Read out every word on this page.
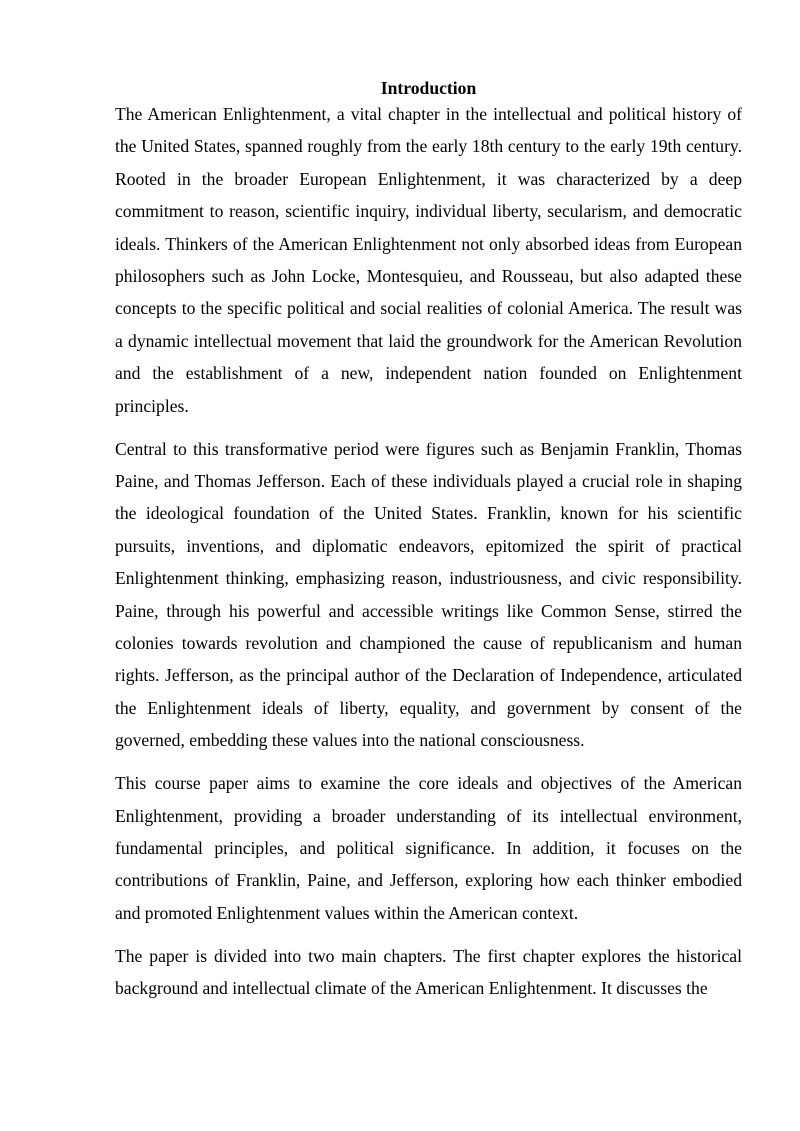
Introduction

The American Enlightenment, a vital chapter in the intellectual and political history of the United States, spanned roughly from the early 18th century to the early 19th century. Rooted in the broader European Enlightenment, it was characterized by a deep commitment to reason, scientific inquiry, individual liberty, secularism, and democratic ideals. Thinkers of the American Enlightenment not only absorbed ideas from European philosophers such as John Locke, Montesquieu, and Rousseau, but also adapted these concepts to the specific political and social realities of colonial America. The result was a dynamic intellectual movement that laid the groundwork for the American Revolution and the establishment of a new, independent nation founded on Enlightenment principles.

Central to this transformative period were figures such as Benjamin Franklin, Thomas Paine, and Thomas Jefferson. Each of these individuals played a crucial role in shaping the ideological foundation of the United States. Franklin, known for his scientific pursuits, inventions, and diplomatic endeavors, epitomized the spirit of practical Enlightenment thinking, emphasizing reason, industriousness, and civic responsibility. Paine, through his powerful and accessible writings like Common Sense, stirred the colonies towards revolution and championed the cause of republicanism and human rights. Jefferson, as the principal author of the Declaration of Independence, articulated the Enlightenment ideals of liberty, equality, and government by consent of the governed, embedding these values into the national consciousness.

This course paper aims to examine the core ideals and objectives of the American Enlightenment, providing a broader understanding of its intellectual environment, fundamental principles, and political significance. In addition, it focuses on the contributions of Franklin, Paine, and Jefferson, exploring how each thinker embodied and promoted Enlightenment values within the American context.

The paper is divided into two main chapters. The first chapter explores the historical background and intellectual climate of the American Enlightenment. It discusses the
